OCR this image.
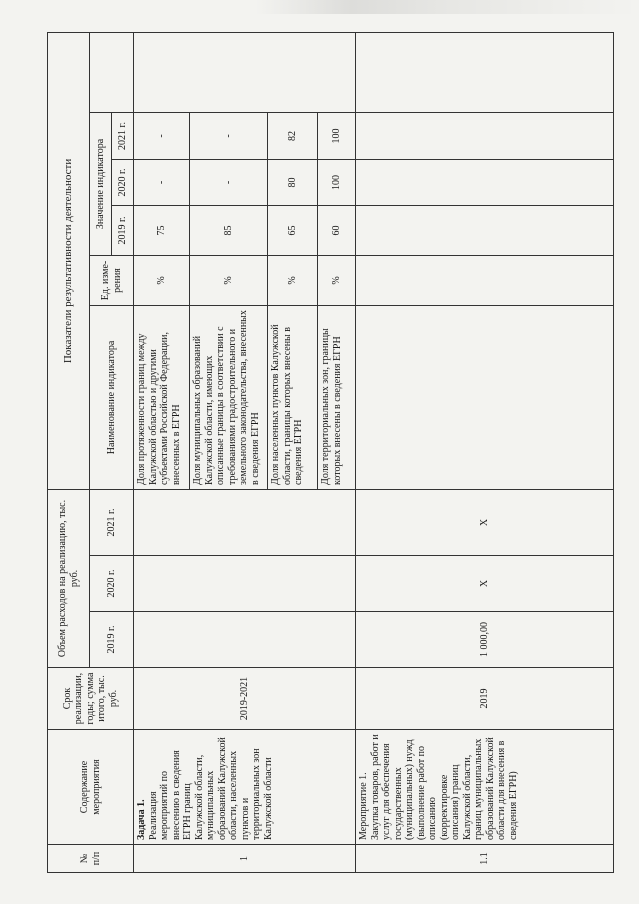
№ п/п	Содержание мероприятия	Срок реализации, годы; сумма итого, тыс. руб.	Объем расходов на реализацию, тыс. руб.			Показатели результативности деятельности					
			2019 г.	2020 г.	2021 г.	Наименование индикатора	Ед. изме- рения	Значение индикатора			
								2019 г.	2020 г.	2021 г.	
1	Задача 1.
Реализация мероприятий по внесению в сведения ЕГРН границ Калужской области, муниципальных образований Калужской области, населенных пунктов и территориальных зон Калужской области	2019-2021				Доля протяженности границ между Калужской областью и другими субъектами Российской Федерации, внесенных в ЕГРН	%	75	-	-	
						Доля муниципальных образований Калужской области, имеющих описанные границы в соответствии с требованиями градостроительного и земельного законодательства, внесенных в сведения ЕГРН	%	85	-	-	
						Доля населенных пунктов Калужской области, границы которых внесены в сведения ЕГРН	%	65	80	82	
						Доля территориальных зон, границы которых внесены в сведения ЕГРН	%	60	100	100	
1.1	Мероприятие 1.
Закупка товаров, работ и услуг для обеспечения государственных (муниципальных) нужд (выполнение работ по описанию (корректировке описания) границ Калужской области, границ муниципальных образований Калужской области для внесения в сведения ЕГРН)	2019	1 000,00	X	X						
